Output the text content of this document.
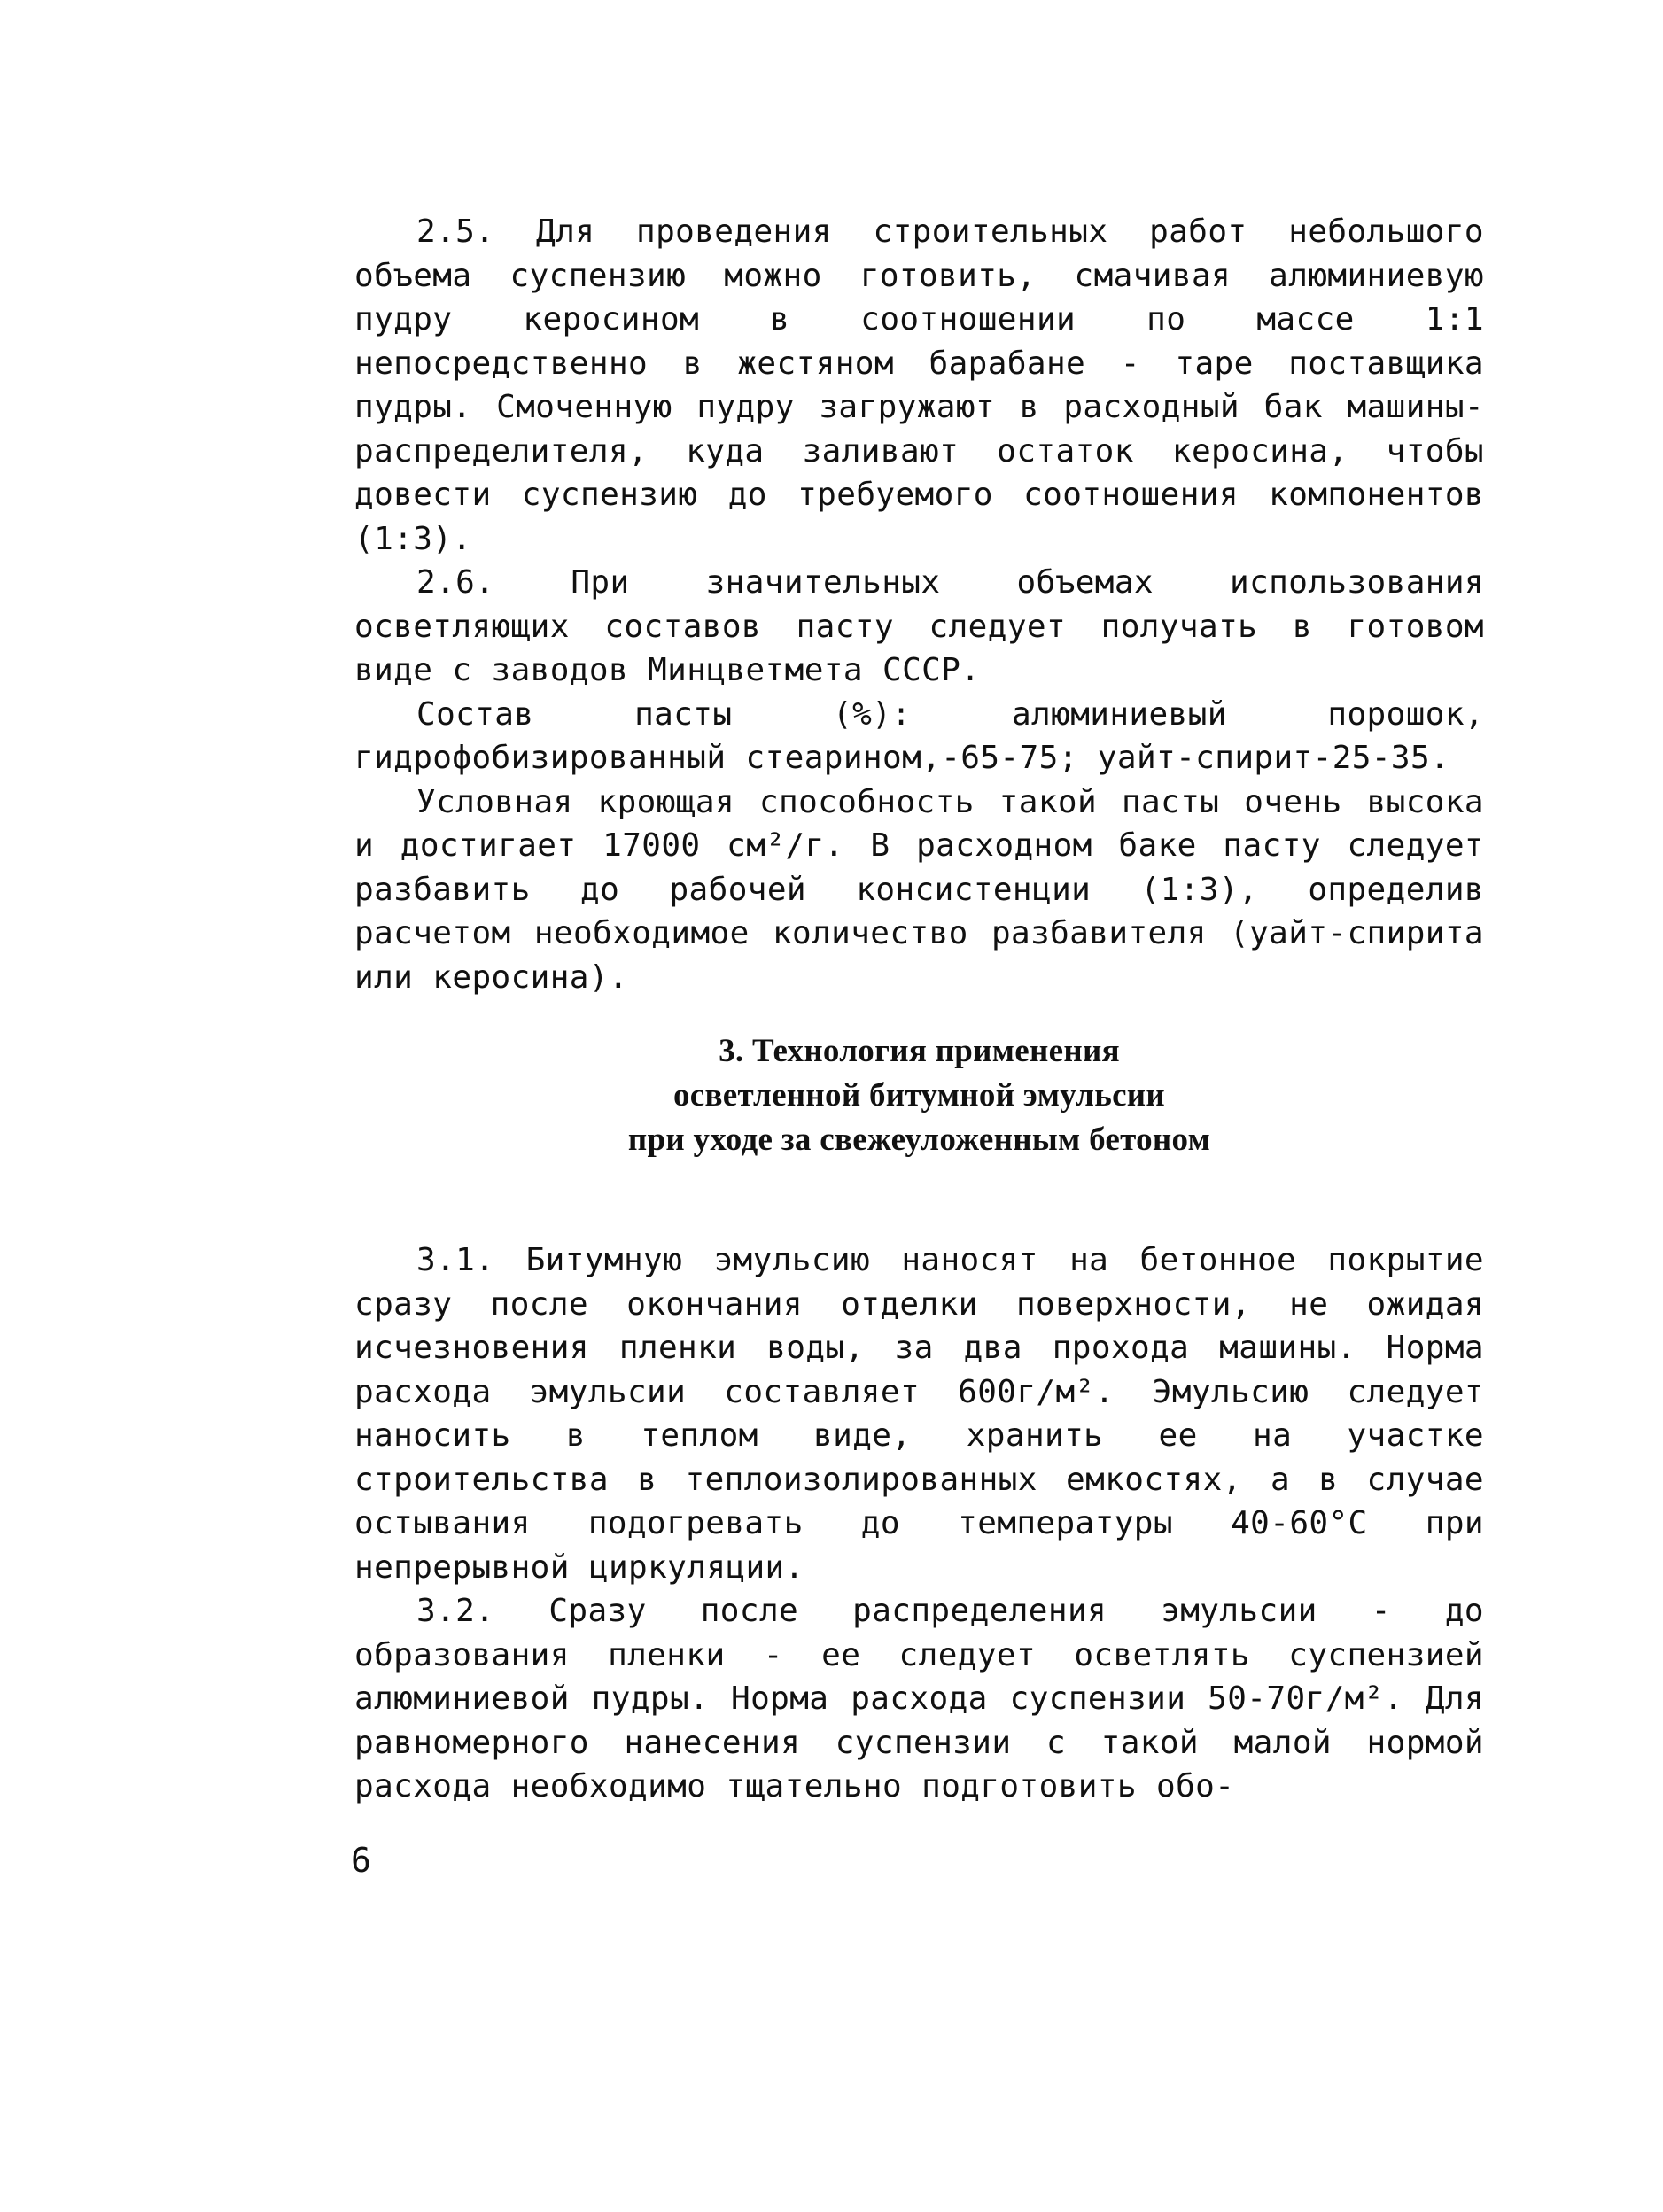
2.5. Для проведения строительных работ небольшого объема суспензию можно готовить, смачивая алюминиевую пудру керосином в соотношении по массе 1:1 непосредственно в жестяном барабане - таре поставщика пудры. Смоченную пудру загружают в расходный бак машины-распределителя, куда заливают остаток керосина, чтобы довести суспензию до требуемого соотношения компонентов (1:3).

2.6. При значительных объемах использования осветляющих составов пасту следует получать в готовом виде с заводов Минцветмета СССР.

Состав пасты (%): алюминиевый порошок, гидрофобизированный стеарином,-65-75; уайт-спирит-25-35.

Условная кроющая способность такой пасты очень высока и достигает 17000 см²/г. В расходном баке пасту следует разбавить до рабочей консистенции (1:3), определив расчетом необходимое количество разбавителя (уайт-спирита или керосина).

3. Технология применения
осветленной битумной эмульсии
при уходе за свежеуложенным бетоном

3.1. Битумную эмульсию наносят на бетонное покрытие сразу после окончания отделки поверхности, не ожидая исчезновения пленки воды, за два прохода машины. Норма расхода эмульсии составляет 600г/м². Эмульсию следует наносить в теплом виде, хранить ее на участке строительства в теплоизолированных емкостях, а в случае остывания подогревать до температуры 40-60°С при непрерывной циркуляции.

3.2. Сразу после распределения эмульсии - до образования пленки - ее следует осветлять суспензией алюминиевой пудры. Норма расхода суспензии 50-70г/м². Для равномерного нанесения суспензии с такой малой нормой расхода необходимо тщательно подготовить обо-

6
